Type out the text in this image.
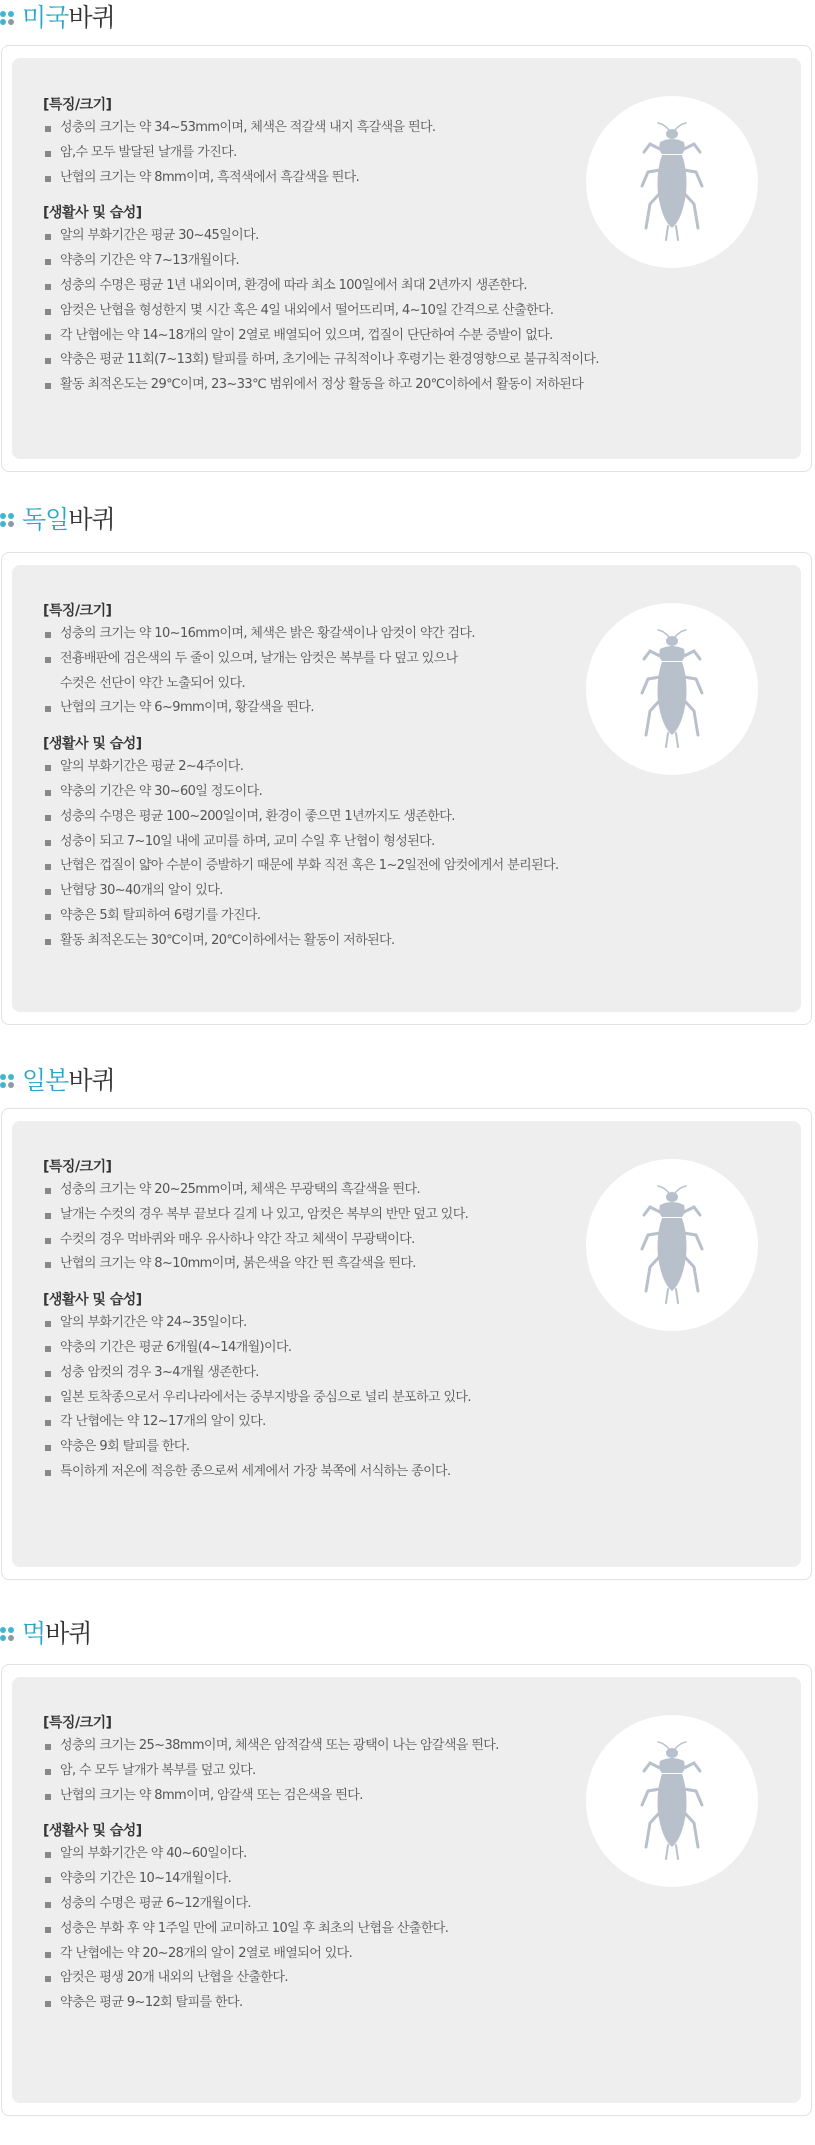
미국바퀴
[특징/크기]
성충의 크기는 약 34~53mm이며, 체색은 적갈색 내지 흑갈색을 띈다.
암,수 모두 발달된 날개를 가진다.
난협의 크기는 약 8mm이며, 흑적색에서 흑갈색을 띈다.
[생활사 및 습성]
알의 부화기간은 평균 30~45일이다.
약충의 기간은 약 7~13개월이다.
성충의 수명은 평균 1년 내외이며, 환경에 따라 최소 100일에서 최대 2년까지 생존한다.
암컷은 난협을 형성한지 몇 시간 혹은 4일 내외에서 떨어뜨리며, 4~10일 간격으로 산출한다.
각 난협에는 약 14~18개의 알이 2열로 배열되어 있으며, 껍질이 단단하여 수분 증발이 없다.
약충은 평균 11회(7~13회) 탈피를 하며, 초기에는 규칙적이나 후령기는 환경영향으로 불규칙적이다.
활동 최적온도는 29℃이며, 23~33℃ 범위에서 정상 활동을 하고 20℃이하에서 활동이 저하된다
독일바퀴
[특징/크기]
성충의 크기는 약 10~16mm이며, 체색은 밝은 황갈색이나 암컷이 약간 검다.
전흉배판에 검은색의 두 줄이 있으며, 날개는 암컷은 복부를 다 덮고 있으나
수컷은 선단이 약간 노출되어 있다.
난협의 크기는 약 6~9mm이며, 황갈색을 띈다.
[생활사 및 습성]
알의 부화기간은 평균 2~4주이다.
약충의 기간은 약 30~60일 정도이다.
성충의 수명은 평균 100~200일이며, 환경이 좋으면 1년까지도 생존한다.
성충이 되고 7~10일 내에 교미를 하며, 교미 수일 후 난협이 형성된다.
난협은 껍질이 얇아 수분이 증발하기 때문에 부화 직전 혹은 1~2일전에 암컷에게서 분리된다.
난협당 30~40개의 알이 있다.
약충은 5회 탈피하여 6령기를 가진다.
활동 최적온도는 30℃이며, 20℃이하에서는 활동이 저하된다.
일본바퀴
[특징/크기]
성충의 크기는 약 20~25mm이며, 체색은 무광택의 흑갈색을 띈다.
날개는 수컷의 경우 복부 끝보다 길게 나 있고, 암컷은 복부의 반만 덮고 있다.
수컷의 경우 먹바퀴와 매우 유사하나 약간 작고 체색이 무광택이다.
난협의 크기는 약 8~10mm이며, 붉은색을 약간 띈 흑갈색을 띈다.
[생활사 및 습성]
알의 부화기간은 약 24~35일이다.
약충의 기간은 평균 6개월(4~14개월)이다.
성충 암컷의 경우 3~4개월 생존한다.
일본 토착종으로서 우리나라에서는 중부지방을 중심으로 널리 분포하고 있다.
각 난협에는 약 12~17개의 알이 있다.
약충은 9회 탈피를 한다.
특이하게 저온에 적응한 종으로써 세계에서 가장 북쪽에 서식하는 종이다.
먹바퀴
[특징/크기]
성충의 크기는 25~38mm이며, 체색은 암적갈색 또는 광택이 나는 암갈색을 띈다.
암, 수 모두 날개가 복부를 덮고 있다.
난협의 크기는 약 8mm이며, 암갈색 또는 검은색을 띈다.
[생활사 및 습성]
알의 부화기간은 약 40~60일이다.
약충의 기간은 10~14개월이다.
성충의 수명은 평균 6~12개월이다.
성충은 부화 후 약 1주일 만에 교미하고 10일 후 최초의 난협을 산출한다.
각 난협에는 약 20~28개의 알이 2열로 배열되어 있다.
암컷은 평생 20개 내외의 난협을 산출한다.
약충은 평균 9~12회 탈피를 한다.
